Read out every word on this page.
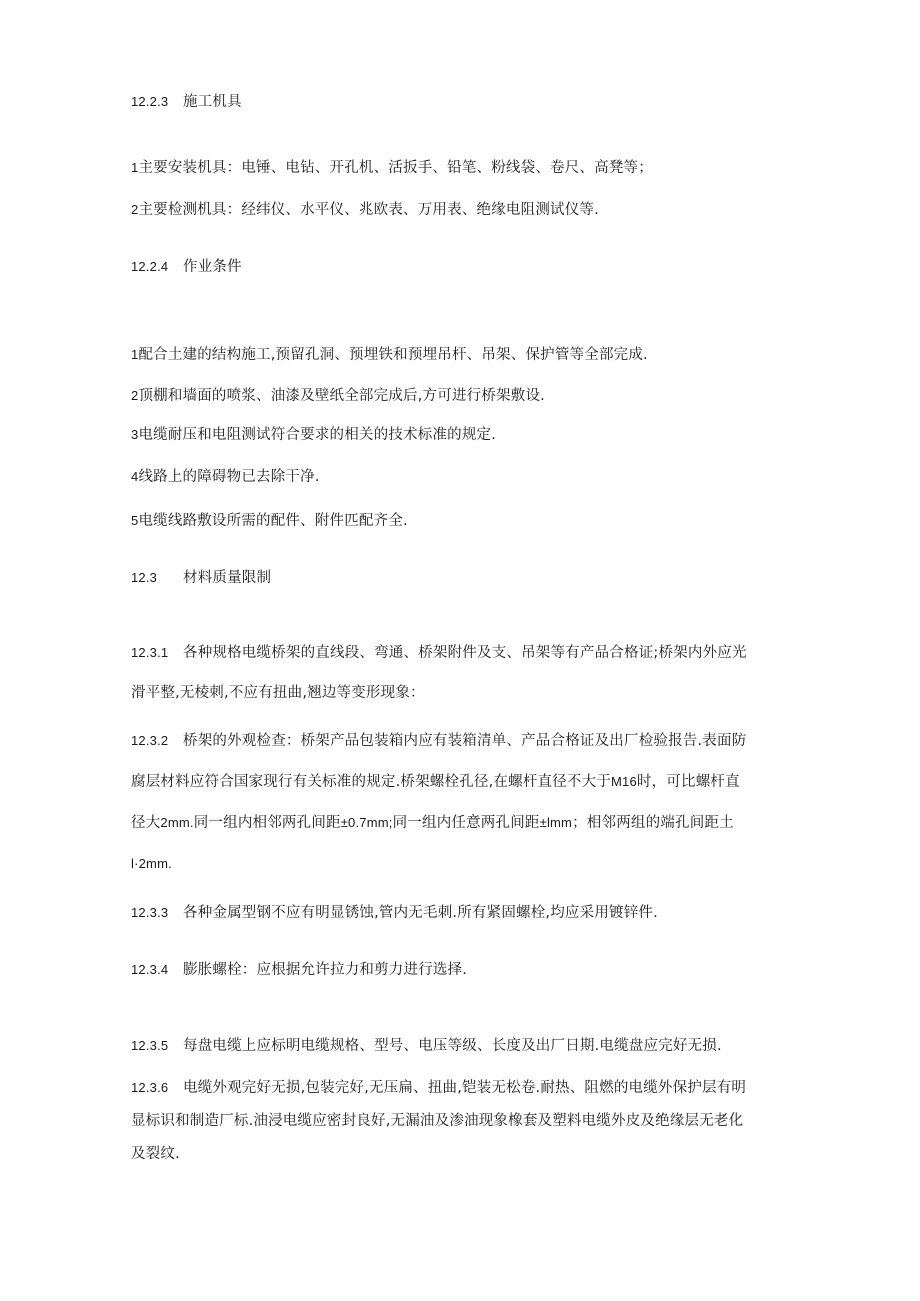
12.2.3 施工机具
1主要安装机具：电锤、电钻、开孔机、活扳手、铅笔、粉线袋、卷尺、高凳等；
2主要检测机具：经纬仪、水平仪、兆欧表、万用表、绝缘电阻测试仪等.
12.2.4 作业条件
1配合土建的结构施工,预留孔洞、预埋铁和预埋吊杆、吊架、保护管等全部完成.
2顶棚和墙面的喷浆、油漆及壁纸全部完成后,方可进行桥架敷设.
3电缆耐压和电阻测试符合要求的相关的技术标准的规定.
4线路上的障碍物已去除干净.
5电缆线路敷设所需的配件、附件匹配齐全.
12.3 材料质量限制
12.3.1 各种规格电缆桥架的直线段、弯通、桥架附件及支、吊架等有产品合格证;桥架内外应光
滑平整,无棱刺,不应有扭曲,翘边等变形现象：
12.3.2 桥架的外观检查：桥架产品包装箱内应有装箱清单、产品合格证及出厂检验报告.表面防
腐层材料应符合国家现行有关标准的规定.桥架螺栓孔径,在螺杆直径不大于M16时，可比螺杆直
径大2mm.同一组内相邻两孔间距±0.7mm;同一组内任意两孔间距±lmm；相邻两组的端孔间距土
l·2mm.
12.3.3 各种金属型钢不应有明显锈蚀,管内无毛刺.所有紧固螺栓,均应采用镀锌件.
12.3.4 膨胀螺栓：应根据允许拉力和剪力进行选择.
12.3.5 每盘电缆上应标明电缆规格、型号、电压等级、长度及出厂日期.电缆盘应完好无损.
12.3.6 电缆外观完好无损,包装完好,无压扁、扭曲,铠装无松卷.耐热、阻燃的电缆外保护层有明
显标识和制造厂标.油浸电缆应密封良好,无漏油及渗油现象橡套及塑料电缆外皮及绝缘层无老化
及裂纹.
